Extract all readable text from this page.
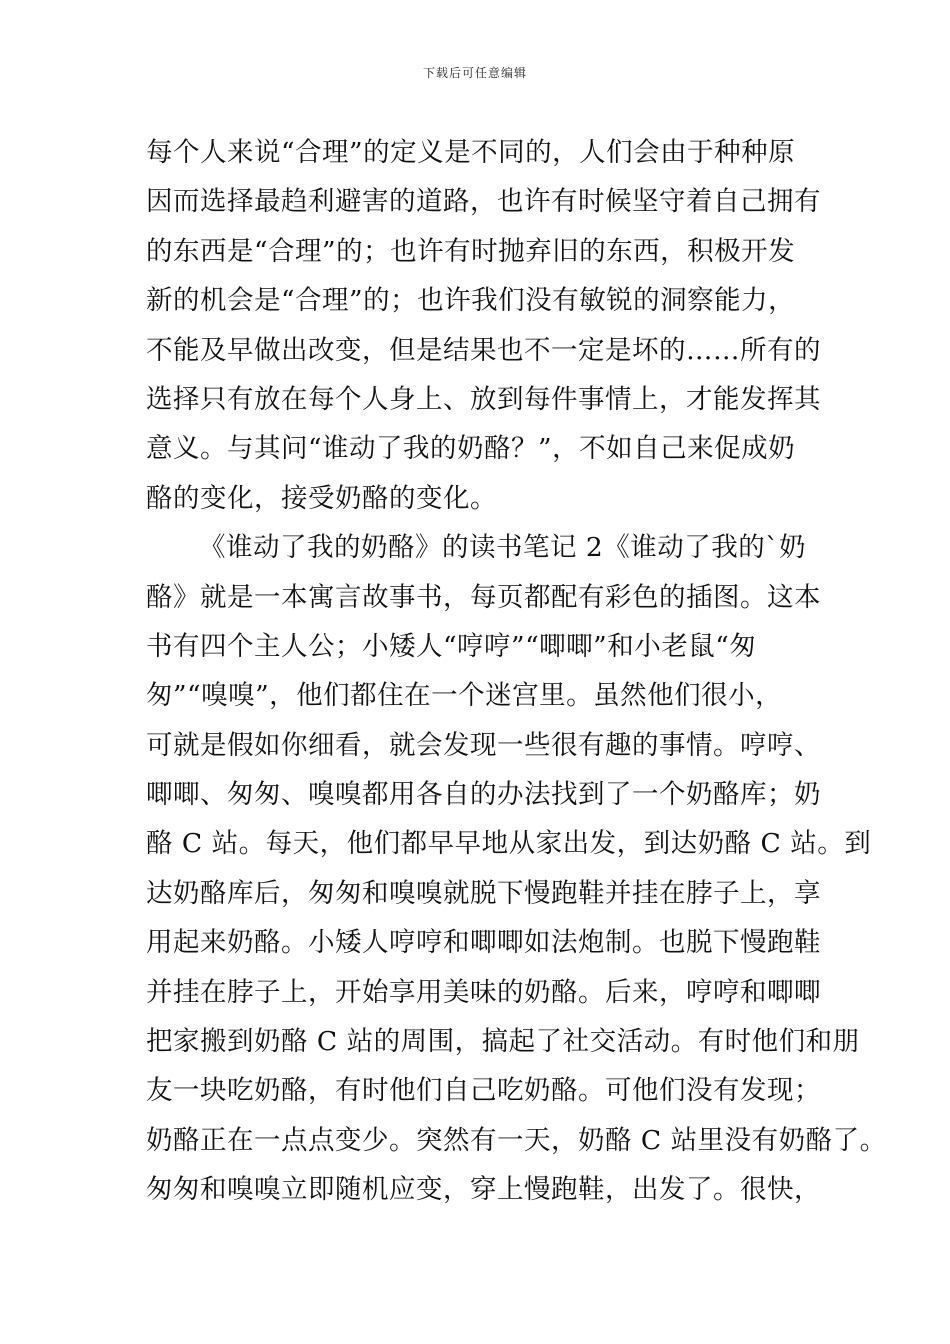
下载后可任意编辑
每个人来说“合理”的定义是不同的，人们会由于种种原
因而选择最趋利避害的道路，也许有时候坚守着自己拥有
的东西是“合理”的；也许有时抛弃旧的东西，积极开发
新的机会是“合理”的；也许我们没有敏锐的洞察能力，
不能及早做出改变，但是结果也不一定是坏的……所有的
选择只有放在每个人身上、放到每件事情上，才能发挥其
意义。与其问“谁动了我的奶酪？”，不如自己来促成奶
酪的变化，接受奶酪的变化。
《谁动了我的奶酪》的读书笔记 2《谁动了我的`奶
酪》就是一本寓言故事书，每页都配有彩色的插图。这本
书有四个主人公；小矮人“哼哼”“唧唧”和小老鼠“匆
匆”“嗅嗅”，他们都住在一个迷宫里。虽然他们很小，
可就是假如你细看，就会发现一些很有趣的事情。哼哼、
唧唧、匆匆、嗅嗅都用各自的办法找到了一个奶酪库；奶
酪 C 站。每天，他们都早早地从家出发，到达奶酪 C 站。到
达奶酪库后，匆匆和嗅嗅就脱下慢跑鞋并挂在脖子上，享
用起来奶酪。小矮人哼哼和唧唧如法炮制。也脱下慢跑鞋
并挂在脖子上，开始享用美味的奶酪。后来，哼哼和唧唧
把家搬到奶酪 C 站的周围，搞起了社交活动。有时他们和朋
友一块吃奶酪，有时他们自己吃奶酪。可他们没有发现；
奶酪正在一点点变少。突然有一天，奶酪 C 站里没有奶酪了。
匆匆和嗅嗅立即随机应变，穿上慢跑鞋，出发了。很快，
